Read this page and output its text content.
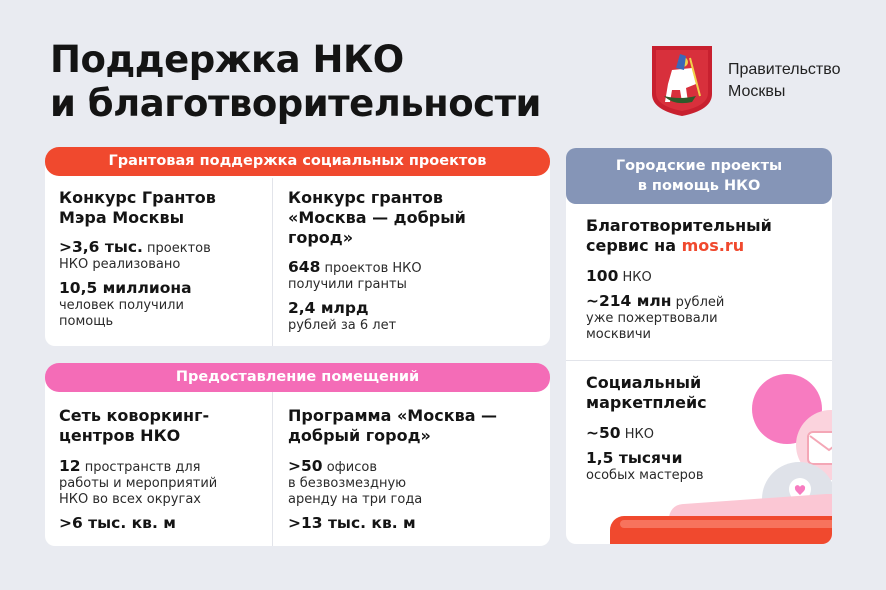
Поддержка НКО
и благотворительности
Правительство
Москвы
Конкурс Грантов
Мэра Москвы
>3,6 тыс. проектов
НКО реализовано
10,5 миллиона
человек получили
помощь
Конкурс грантов
«Москва — добрый
город»
648 проектов НКО
получили гранты
2,4 млрд
рублей за 6 лет
Грантовая поддержка социальных проектов
Сеть коворкинг-
центров НКО
12 пространств для
работы и мероприятий
НКО во всех округах
>6 тыс. кв. м
Программа «Москва —
добрый город»
>50 офисов
в безвозмездную
аренду на три года
>13 тыс. кв. м
Предоставление помещений
Благотворительный
сервис на mos.ru
100 НКО
~214 млн рублей
уже пожертвовали
москвичи
Социальный
маркетплейс
~50 НКО
1,5 тысячи
особых мастеров
Городские проекты
в помощь НКО
